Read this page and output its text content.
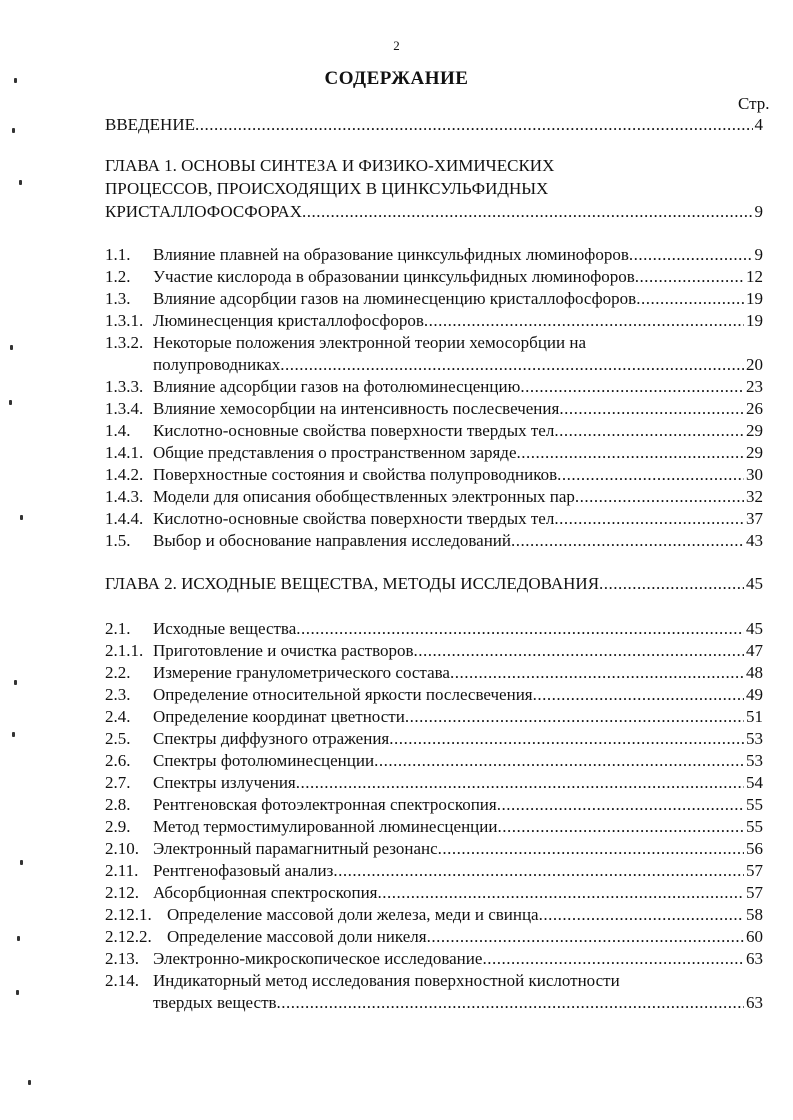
2
СОДЕРЖАНИЕ
Стр.
ВВЕДЕНИЕ .....	4
ГЛАВА 1. ОСНОВЫ СИНТЕЗА И ФИЗИКО-ХИМИЧЕСКИХ
ПРОЦЕССОВ, ПРОИСХОДЯЩИХ В ЦИНКСУЛЬФИДНЫХ
КРИСТАЛЛОФОСФОРАХ .....	9
1.1. Влияние плавней на образование цинксульфидных люминофоров .....	9
1.2. Участие кислорода в образовании цинксульфидных люминофоров .....	12
1.3. Влияние адсорбции газов на люминесценцию кристаллофосфоров .....	19
1.3.1. Люминесценция кристаллофосфоров .....	19
1.3.2. Некоторые положения электронной теории хемосорбции на
полупроводниках .....	20
1.3.3. Влияние адсорбции газов на фотолюминесценцию .....	23
1.3.4. Влияние хемосорбции на интенсивность послесвечения .....	26
1.4. Кислотно-основные свойства поверхности твердых тел .....	29
1.4.1. Общие представления о пространственном заряде .....	29
1.4.2. Поверхностные состояния и свойства полупроводников .....	30
1.4.3. Модели для описания обобществленных электронных пар .....	32
1.4.4. Кислотно-основные свойства поверхности твердых тел .....	37
1.5. Выбор и обоснование направления исследований .....	43
ГЛАВА 2. ИСХОДНЫЕ ВЕЩЕСТВА, МЕТОДЫ ИССЛЕДОВАНИЯ .....	45
2.1. Исходные вещества .....	45
2.1.1. Приготовление и очистка растворов .....	47
2.2. Измерение гранулометрического состава .....	48
2.3. Определение относительной яркости послесвечения .....	49
2.4. Определение координат цветности .....	51
2.5. Спектры диффузного отражения .....	53
2.6. Спектры фотолюминесценции .....	53
2.7. Спектры излучения .....	54
2.8. Рентгеновская фотоэлектронная спектроскопия .....	55
2.9. Метод термостимулированной люминесценции .....	55
2.10. Электронный парамагнитный резонанс .....	56
2.11. Рентгенофазовый анализ .....	57
2.12. Абсорбционная спектроскопия .....	57
2.12.1. Определение массовой доли железа, меди и свинца .....	58
2.12.2. Определение массовой доли никеля .....	60
2.13. Электронно-микроскопическое исследование .....	63
2.14. Индикаторный метод исследования поверхностной кислотности
твердых веществ .....	63
